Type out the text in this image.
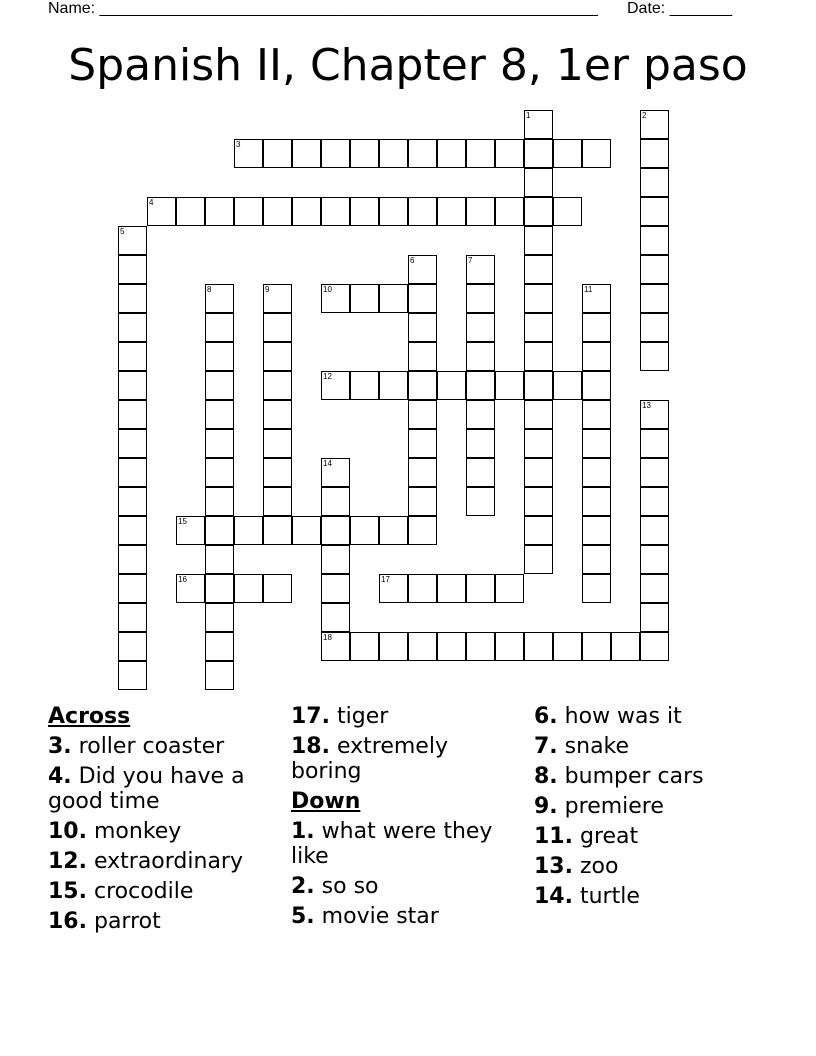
Name: ________________________________________________________ Date: _______
Spanish II, Chapter 8, 1er paso
1	2
3
4
5
6	7
8	9	10	11
12
13
14
18
15
16	17
Across
3. roller coaster
4. Did you have a good time
10. monkey
12. extraordinary
15. crocodile
16. parrot
17. tiger
18. extremely boring
Down
1. what were they like
2. so so
5. movie star
6. how was it
7. snake
8. bumper cars
9. premiere
11. great
13. zoo
14. turtle
